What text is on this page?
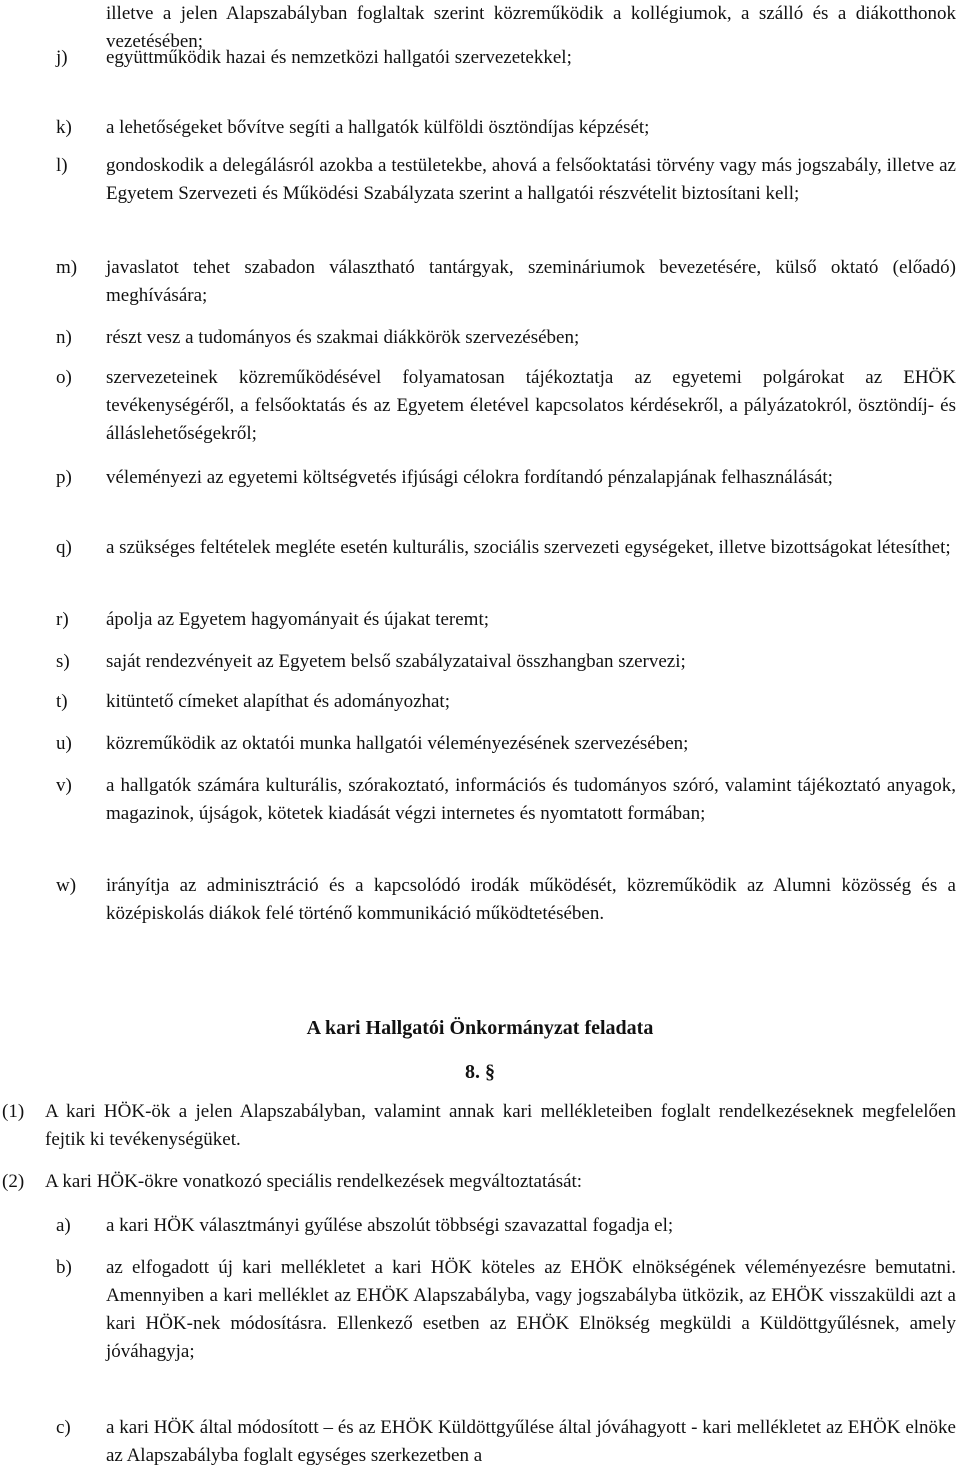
illetve a jelen Alapszabályban foglaltak szerint közreműködik a kollégiumok, a szálló és a diákotthonok vezetésében;
j) együttműködik hazai és nemzetközi hallgatói szervezetekkel;
k) a lehetőségeket bővítve segíti a hallgatók külföldi ösztöndíjas képzését;
l) gondoskodik a delegálásról azokba a testületekbe, ahová a felsőoktatási törvény vagy más jogszabály, illetve az Egyetem Szervezeti és Működési Szabályzata szerint a hallgatói részvételit biztosítani kell;
m) javaslatot tehet szabadon választható tantárgyak, szemináriumok bevezetésére, külső oktató (előadó) meghívására;
n) részt vesz a tudományos és szakmai diákkörök szervezésében;
o) szervezeteinek közreműködésével folyamatosan tájékoztatja az egyetemi polgárokat az EHÖK tevékenységéről, a felsőoktatás és az Egyetem életével kapcsolatos kérdésekről, a pályázatokról, ösztöndíj- és álláslehetőségekről;
p) véleményezi az egyetemi költségvetés ifjúsági célokra fordítandó pénzalapjának felhasználását;
q) a szükséges feltételek megléte esetén kulturális, szociális szervezeti egységeket, illetve bizottságokat létesíthet;
r) ápolja az Egyetem hagyományait és újakat teremt;
s) saját rendezvényeit az Egyetem belső szabályzataival összhangban szervezi;
t) kitüntető címeket alapíthat és adományozhat;
u) közreműködik az oktatói munka hallgatói véleményezésének szervezésében;
v) a hallgatók számára kulturális, szórakoztató, információs és tudományos szóró, valamint tájékoztató anyagok, magazinok, újságok, kötetek kiadását végzi internetes és nyomtatott formában;
w) irányítja az adminisztráció és a kapcsolódó irodák működését, közreműködik az Alumni közösség és a középiskolás diákok felé történő kommunikáció működtetésében.
A kari Hallgatói Önkormányzat feladata
8. §
(1) A kari HÖK-ök a jelen Alapszabályban, valamint annak kari mellékleteiben foglalt rendelkezéseknek megfelelően fejtik ki tevékenységüket.
(2) A kari HÖK-ökre vonatkozó speciális rendelkezések megváltoztatását:
a) a kari HÖK választmányi gyűlése abszolút többségi szavazattal fogadja el;
b) az elfogadott új kari mellékletet a kari HÖK köteles az EHÖK elnökségének véleményezésre bemutatni. Amennyiben a kari melléklet az EHÖK Alapszabályba, vagy jogszabályba ütközik, az EHÖK visszaküldi azt a kari HÖK-nek módosításra. Ellenkező esetben az EHÖK Elnökség megküldi a Küldöttgyűlésnek, amely jóváhagyja;
c) a kari HÖK által módosított – és az EHÖK Küldöttgyűlése által jóváhagyott - kari mellékletet az EHÖK elnöke az Alapszabályba foglalt egységes szerkezetben a
